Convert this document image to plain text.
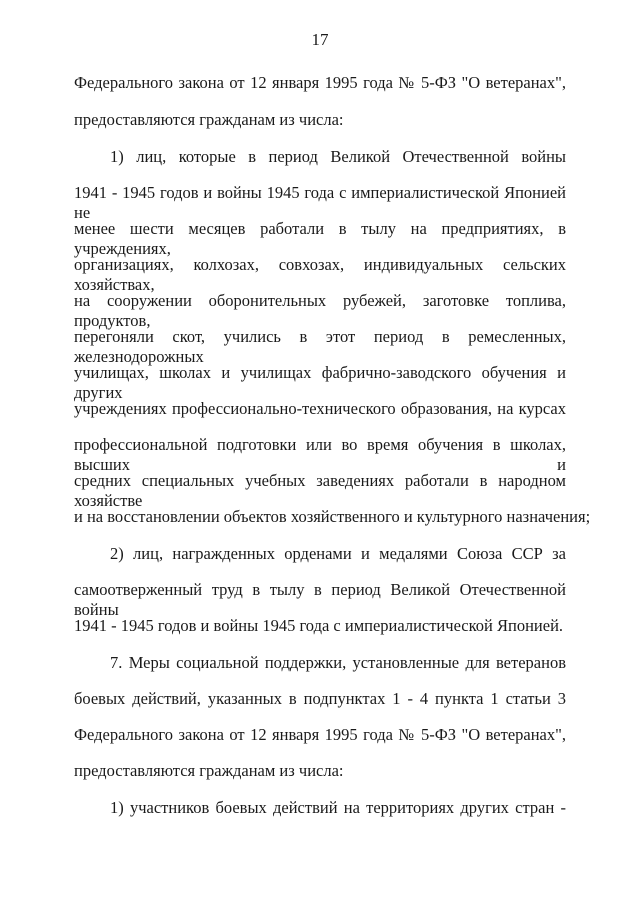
17
Федерального закона от 12 января 1995 года № 5-ФЗ "О ветеранах",
предоставляются гражданам из числа:
1) лиц, которые в период Великой Отечественной войны
1941 - 1945 годов и войны 1945 года с империалистической Японией не
менее шести месяцев работали в тылу на предприятиях, в учреждениях,
организациях, колхозах, совхозах, индивидуальных сельских хозяйствах,
на сооружении оборонительных рубежей, заготовке топлива, продуктов,
перегоняли скот, учились в этот период в ремесленных, железнодорожных
училищах, школах и училищах фабрично-заводского обучения и других
учреждениях профессионально-технического образования, на курсах
профессиональной подготовки или во время обучения в школах, высших и
средних специальных учебных заведениях работали в народном хозяйстве
и на восстановлении объектов хозяйственного и культурного назначения;
2) лиц, награжденных орденами и медалями Союза ССР за
самоотверженный труд в тылу в период Великой Отечественной войны
1941 - 1945 годов и войны 1945 года с империалистической Японией.
7. Меры социальной поддержки, установленные для ветеранов
боевых действий, указанных в подпунктах 1 - 4 пункта 1 статьи 3
Федерального закона от 12 января 1995 года № 5-ФЗ "О ветеранах",
предоставляются гражданам из числа:
1) участников боевых действий на территориях других стран -
